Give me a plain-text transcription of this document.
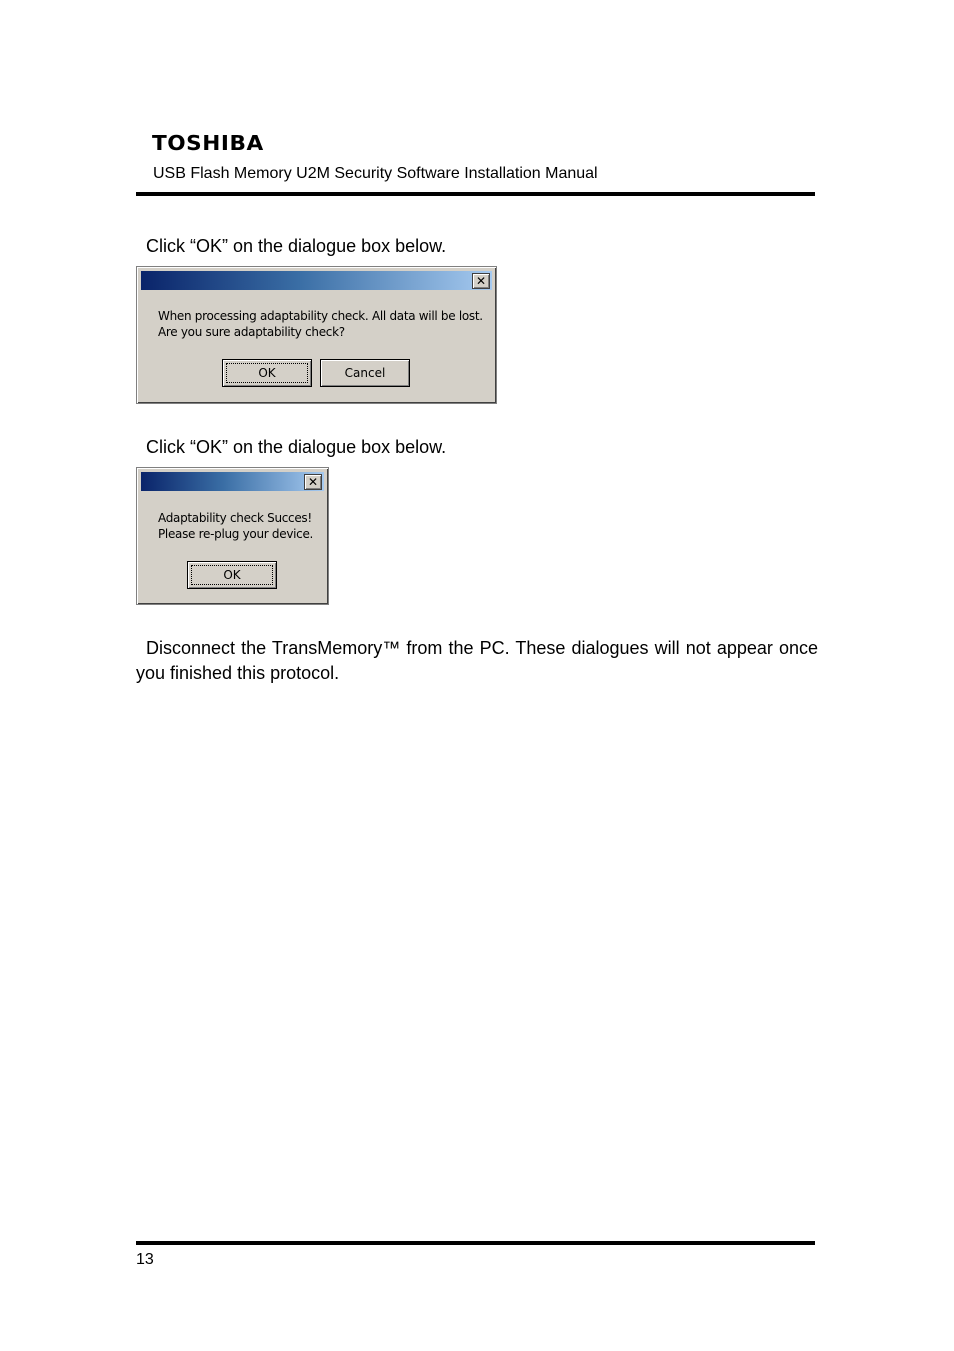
TOSHIBA
USB Flash Memory U2M Security Software Installation Manual
Click “OK” on the dialogue box below.
✕
When processing adaptability check. All data will be lost.
Are you sure adaptability check?
OK	Cancel
Click “OK” on the dialogue box below.
✕
Adaptability check Succes!
Please re-plug your device.
OK
Disconnect the TransMemory™ from the PC. These dialogues will not appear once you finished this protocol.
13
